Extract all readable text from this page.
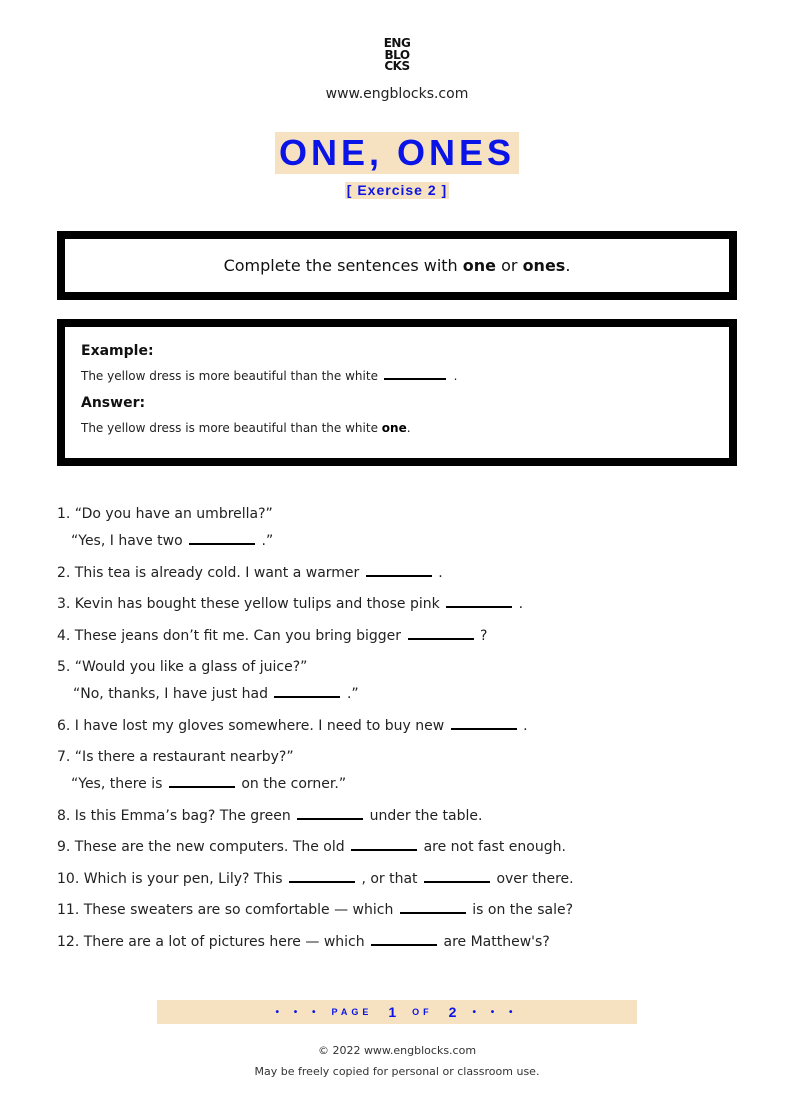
ENG
BLO
CKS
www.engblocks.com
ONE, ONES
[ Exercise 2 ]
Complete the sentences with one or ones.
Example:
The yellow dress is more beautiful than the white	.
Answer:
The yellow dress is more beautiful than the white one.
1. “Do you have an umbrella?”
“Yes, I have two	.”
2. This tea is already cold. I want a warmer	.
3. Kevin has bought these yellow tulips and those pink	.
4. These jeans don’t fit me. Can you bring bigger	?
5. “Would you like a glass of juice?”
“No, thanks, I have just had	.”
6. I have lost my gloves somewhere. I need to buy new	.
7. “Is there a restaurant nearby?”
“Yes, there is	on the corner.”
8. Is this Emma’s bag? The green	under the table.
9. These are the new computers. The old	are not fast enough.
10. Which is your pen, Lily? This	, or that	over there.
11. These sweaters are so comfortable — which	is on the sale?
12. There are a lot of pictures here — which	are Matthew's?
• • • PAGE 1 OF 2 • • •
© 2022 www.engblocks.com
May be freely copied for personal or classroom use.
